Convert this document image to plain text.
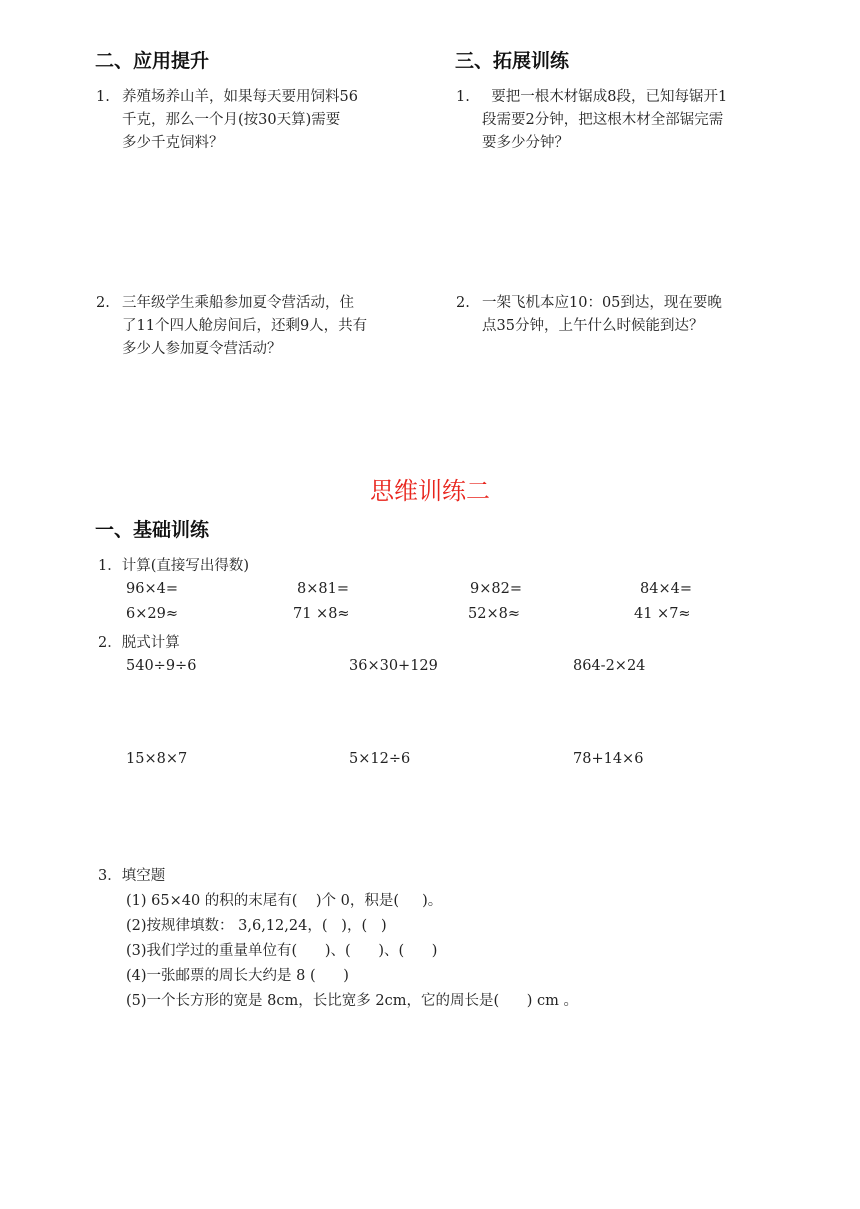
二、应用提升	三、拓展训练
1. 养殖场养山羊，如果每天要用饲料56
千克，那么一个月(按30天算)需要
多少千克饲料？
1. 要把一根木材锯成8段，已知每锯开1
段需要2分钟，把这根木材全部锯完需
要多少分钟？
2. 三年级学生乘船参加夏令营活动，住
了11个四人舱房间后，还剩9人，共有
多少人参加夏令营活动？
2. 一架飞机本应10：05到达，现在要晚
点35分钟，上午什么时候能到达？
思维训练二
一、基础训练
1．计算(直接写出得数)
96×4=	8×81=	9×82=	84×4=
6×29≈	71 ×8≈	52×8≈	41 ×7≈
2．脱式计算
540÷9÷6	36×30+129	864-2×24
15×8×7	5×12÷6	78+14×6
3．填空题
(1) 65×40 的积的末尾有(    )个 0，积是(     )。
(2)按规律填数： 3,6,12,24，(   )，(   )
(3)我们学过的重量单位有(      )、(      )、(      )
(4)一张邮票的周长大约是 8 (      )
(5)一个长方形的宽是 8cm，长比宽多 2cm，它的周长是(      ) cm 。
